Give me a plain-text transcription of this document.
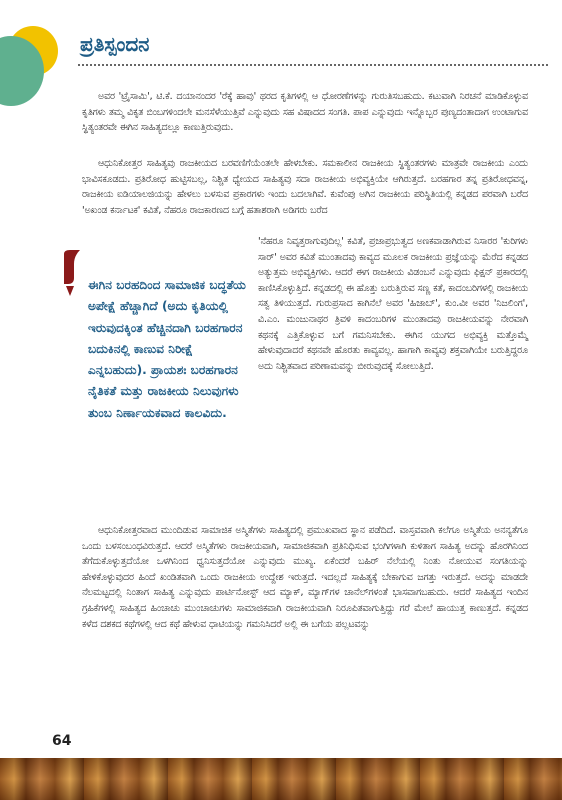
ಪ್ರತಿಸ್ಪಂದನ

ಅವರ 'ಟ್ರೈಸಾಮಿ', ಟಿ.ಕೆ. ದಯಾನಂದರ 'ರೆಕ್ಕೆ ಹಾವು' ಥರದ ಕೃತಿಗಳಲ್ಲಿ ಆ ಧೋರಣೆಗಳನ್ನು ಗುರುತಿಸಬಹುದು. ಕಟುವಾಗಿ ನಿರಚನೆ ಮಾಡಿಕೊಳ್ಳುವ ಕೃತಿಗಳು ತಮ್ಮ ವಿಕೃತ ಬಿಂಬಗಳಿಂದಲೇ ಮನಸೆಳೆಯುತ್ತಿವೆ ಎನ್ನುವುದು ಸಹ ವಿಷಾದದ ಸಂಗತಿ. ಪಾಪ ಎನ್ನುವುದು ಇನ್ನೊಬ್ಬರ ಪುಣ್ಯದಂತಾದಾಗ ಉಂಟಾಗುವ ಸ್ಥಿತ್ಯಂತರವೇ ಈಗಿನ ಸಾಹಿತ್ಯದಲ್ಲೂ ಕಾಣುತ್ತಿರುವುದು.

ಆಧುನಿಕೋತ್ತರ ಸಾಹಿತ್ಯವು ರಾಜಕೀಯದ ಬರವಣಿಗೆಯೆಂತಲೇ ಹೇಳಬೇಕು. ಸಮಕಾಲೀನ ರಾಜಕೀಯ ಸ್ಥಿತ್ಯಂತರಗಳು ಮಾತ್ರವೇ ರಾಜಕೀಯ ಎಂದು ಭಾವಿಸಕೂಡದು. ಪ್ರತಿರೋಧ ಹುಟ್ಟಿಸಬಲ್ಲ, ನಿಶ್ಚಿತ ಧ್ಯೇಯದ ಸಾಹಿತ್ಯವು ಸದಾ ರಾಜಕೀಯ ಅಭಿವ್ಯಕ್ತಿಯೇ ಆಗಿರುತ್ತದೆ. ಬರಹಗಾರ ತನ್ನ ಪ್ರತಿರೋಧವನ್ನ, ರಾಜಕೀಯ ಐಡಿಯಾಲಜಿಯನ್ನು ಹೇಳಲು ಬಳಸುವ ಪ್ರಕಾರಗಳು ಇಂದು ಬದಲಾಗಿವೆ. ಕುವೆಂಪು ಅಗಿನ ರಾಜಕೀಯ ಪರಿಸ್ಥಿತಿಯಲ್ಲಿ ಕನ್ನಡದ ಪರವಾಗಿ ಬರೆದ 'ಅಖಂಡ ಕರ್ನಾಟಕ' ಕವಿತೆ, ನೆಹರೂ ರಾಜಕಾರಣದ ಬಗ್ಗೆ ಹತಾಶರಾಗಿ ಅಡಿಗರು ಬರೆದ

'ನೆಹರೂ ನಿವೃತ್ತರಾಗುವುದಿಲ್ಲ' ಕವಿತೆ, ಪ್ರಜಾಪ್ರಭುತ್ವದ ಅಣಕವಾಡಾಗಿರುವ ನಿಸಾರರ 'ಕುರಿಗಳು ಸಾರ್' ಅವರ ಕವಿತೆ ಮುಂತಾದವು ಕಾವ್ಯದ ಮೂಲಕ ರಾಜಕೀಯ ಪ್ರಜ್ಞೆಯನ್ನು ಮೆರೆದ ಕನ್ನಡದ ಅತ್ಯುತ್ತಮ ಅಭಿವ್ಯಕ್ತಿಗಳು. ಆದರೆ ಈಗ ರಾಜಕೀಯ ವಿಡಂಬನೆ ಎನ್ನುವುದು ಫಿಕ್ಷನ್ ಪ್ರಕಾರದಲ್ಲಿ ಕಾಣಿಸಿಕೊಳ್ಳುತ್ತಿದೆ. ಕನ್ನಡದಲ್ಲಿ ಈ ಹೊತ್ತು ಬರುತ್ತಿರುವ ಸಣ್ಣ ಕತೆ, ಕಾದಂಬರಿಗಳಲ್ಲಿ ರಾಜಕೀಯ ಸತ್ವ ತಿಳಿಯುತ್ತದೆ. ಗುರುಪ್ರಸಾದ ಕಾಗಿನೆಲೆ ಅವರ 'ಹಿಜಾಬ್', ಕುಂ.ವೀ ಅವರ 'ನಿಜಲಿಂಗ', ವಿ.ಎಂ. ಮಂಜುನಾಥರ ತ್ರಿವಳಿ ಕಾದಂಬರಿಗಳ ಮುಂತಾದವು ರಾಜಕೀಯವನ್ನು ನೇರವಾಗಿ ಕಥನಕ್ಕೆ ಎತ್ತಿಕೊಳ್ಳುವ ಬಗೆ ಗಮನಿಸಬೇಕು. ಈಗಿನ ಯುಗದ ಅಭಿವ್ಯಕ್ತಿ ಮತ್ತೊಮ್ಮೆ ಹೇಳುವುದಾದರೆ ಕಥನವೇ ಹೊರತು ಕಾವ್ಯವಲ್ಲ. ಹಾಗಾಗಿ ಕಾವ್ಯವು ಶಕ್ತವಾಗಿಯೇ ಬರುತ್ತಿದ್ದರೂ ಅದು ನಿಶ್ಚಿತವಾದ ಪರಿಣಾಮವನ್ನು ಬೀರುವುದಕ್ಕೆ ಸೋಲುತ್ತಿದೆ.

ಈಗಿನ ಬರಹದಿಂದ ಸಾಮಾಜಿಕ ಬದ್ಧತೆಯ ಅಪೇಕ್ಷೆ ಹೆಚ್ಚಾಗಿದೆ (ಅದು ಕೃತಿಯಲ್ಲಿ ಇರುವುದಕ್ಕಿಂತ ಹೆಚ್ಚಿನದಾಗಿ ಬರಹಗಾರನ ಬದುಕಿನಲ್ಲಿ ಕಾಣುವ ನಿರೀಕ್ಷೆ ಎನ್ನಬಹುದು). ಪ್ರಾಯಶಃ ಬರಹಗಾರನ ನೈತಿಕತೆ ಮತ್ತು ರಾಜಕೀಯ ನಿಲುವುಗಳು ತುಂಬ ನಿರ್ಣಾಯಕವಾದ ಕಾಲವಿದು.

ಆಧುನಿಕೋತ್ತರವಾದ ಮುಂದಿಡುವ ಸಾಮಾಜಿಕ ಅಸ್ಮಿತೆಗಳು ಸಾಹಿತ್ಯದಲ್ಲಿ ಪ್ರಮುಖವಾದ ಸ್ಥಾನ ಪಡೆದಿದೆ. ವಾಸ್ತವವಾಗಿ ಕಲೆಗೂ ಅಸ್ಮಿತೆಯ ಅನನ್ಯತೆಗೂ ಒಂದು ಬಳಸಂಬಂಧವಿರುತ್ತದೆ. ಆದರೆ ಅಸ್ಮಿತೆಗಳು ರಾಜಕೀಯವಾಗಿ, ಸಾಮಾಜಿಕವಾಗಿ ಪ್ರತಿನಿಧಿಸುವ ಭಂಗಿಗಳಾಗಿ ಕುಳಿತಾಗ ಸಾಹಿತ್ಯ ಅದನ್ನು ಹೊರಗಿನಿಂದ ತೆಗೆದುಕೊಳ್ಳುತ್ತದೆಯೋ ಒಳಗಿನಿಂದ ಧ್ವನಿಸುತ್ತದೆಯೋ ಎನ್ನುವುದು ಮುಖ್ಯ. ಏಕೆಂದರೆ ಬಹಿರ್ ನೆಲೆಯಲ್ಲಿ ನಿಂತು ನೋಯುವ ಸಂಗತಿಯನ್ನು ಹೇಳಿಕೊಳ್ಳುವುದರ ಹಿಂದೆ ಖಂಡಿತವಾಗಿ ಒಂದು ರಾಜಕೀಯ ಉದ್ದೇಶ ಇರುತ್ತದೆ. ಇದಲ್ಲದೆ ಸಾಹಿತ್ಯಕ್ಕೆ ಬೇಕಾಗುವ ಜಗತ್ತು ಇರುತ್ತದೆ. ಅದನ್ನು ಮಾಡದೇ ನೆಲಮಟ್ಟದಲ್ಲಿ ನಿಂತಾಗ ಸಾಹಿತ್ಯ ಎನ್ನುವುದು ಪಾರ್ಟಿನೋಸ್ಟ್ ಆದ ಮ್ಯಾಕ್, ಮ್ಯಾಗ್‌ಗಳ ಚಾನೆಲ್‌ಗಳಂತೆ ಭಾಸವಾಗಬಹುದು. ಆದರೆ ಸಾಹಿತ್ಯದ ಇಂದಿನ ಗ್ರಹಿಕೆಗಳಲ್ಲಿ ಸಾಹಿತ್ಯದ ಹಿಂಚಾಚು ಮುಂಚಾಚುಗಳು ಸಾಮಾಜಿಕವಾಗಿ ರಾಜಕೀಯವಾಗಿ ನಿರೂಪಿತವಾಗುತ್ತಿದ್ದು ಗರೆ ಮೇಲೆ ಹಾಯುತ್ತ ಕಾಣುತ್ತದೆ. ಕನ್ನಡದ ಕಳೆದ ದಶಕದ ಕಥೆಗಳಲ್ಲಿ ಆದ ಕಥೆ ಹೇಳುವ ಧಾಟಿಯನ್ನು ಗಮನಿಸಿದರೆ ಅಲ್ಲಿ ಈ ಬಗೆಯ ಪಲ್ಲಟವನ್ನು

64
